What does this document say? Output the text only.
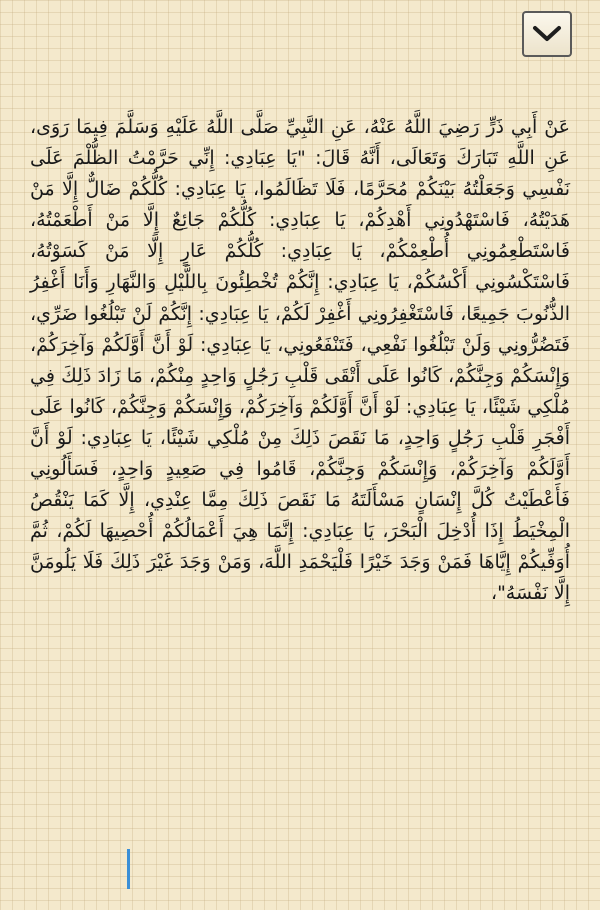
عَنْ أَبِي ذَرٍّ رَضِيَ اللَّهُ عَنْهُ، عَنِ النَّبِيِّ صَلَّى اللَّهُ عَلَيْهِ وَسَلَّمَ فِيمَا رَوَى، عَنِ اللَّهِ تَبَارَكَ وَتَعَالَى، أَنَّهُ قَالَ: "يَا عِبَادِي: إِنِّي حَرَّمْتُ الظُّلْمَ عَلَى نَفْسِي وَجَعَلْتُهُ بَيْنَكُمْ مُحَرَّمًا، فَلَا تَظَالَمُوا، يَا عِبَادِي: كُلُّكُمْ ضَالٌّ إِلَّا مَنْ هَدَيْتُهُ، فَاسْتَهْدُونِي أَهْدِكُمْ، يَا عِبَادِي: كُلُّكُمْ جَائِعٌ إِلَّا مَنْ أَطْعَمْتُهُ، فَاسْتَطْعِمُونِي أُطْعِمْكُمْ، يَا عِبَادِي: كُلُّكُمْ عَارٍ إِلَّا مَنْ كَسَوْتُهُ، فَاسْتَكْسُونِي أَكْسُكُمْ، يَا عِبَادِي: إِنَّكُمْ تُخْطِئُونَ بِاللَّيْلِ وَالنَّهَارِ وَأَنَا أَغْفِرُ الذُّنُوبَ جَمِيعًا، فَاسْتَغْفِرُونِي أَغْفِرْ لَكُمْ، يَا عِبَادِي: إِنَّكُمْ لَنْ تَبْلُغُوا ضَرِّي، فَتَضُرُّونِي وَلَنْ تَبْلُغُوا نَفْعِي، فَتَنْفَعُونِي، يَا عِبَادِي: لَوْ أَنَّ أَوَّلَكُمْ وَآخِرَكُمْ، وَإِنْسَكُمْ وَجِنَّكُمْ، كَانُوا عَلَى أَتْقَى قَلْبِ رَجُلٍ وَاحِدٍ مِنْكُمْ، مَا زَادَ ذَلِكَ فِي مُلْكِي شَيْئًا، يَا عِبَادِي: لَوْ أَنَّ أَوَّلَكُمْ وَآخِرَكُمْ، وَإِنْسَكُمْ وَجِنَّكُمْ، كَانُوا عَلَى أَفْجَرِ قَلْبِ رَجُلٍ وَاحِدٍ، مَا نَقَصَ ذَلِكَ مِنْ مُلْكِي شَيْئًا، يَا عِبَادِي: لَوْ أَنَّ أَوَّلَكُمْ وَآخِرَكُمْ، وَإِنْسَكُمْ وَجِنَّكُمْ، قَامُوا فِي صَعِيدٍ وَاحِدٍ، فَسَأَلُونِي فَأَعْطَيْتُ كُلَّ إِنْسَانٍ مَسْأَلَتَهُ مَا نَقَصَ ذَلِكَ مِمَّا عِنْدِي، إِلَّا كَمَا يَنْقُصُ الْمِخْيَطُ إِذَا أُدْخِلَ الْبَحْرَ، يَا عِبَادِي: إِنَّمَا هِيَ أَعْمَالُكُمْ أُحْصِيهَا لَكُمْ، ثُمَّ أُوَفِّيكُمْ إِيَّاهَا فَمَنْ وَجَدَ خَيْرًا فَلْيَحْمَدِ اللَّهَ، وَمَنْ وَجَدَ غَيْرَ ذَلِكَ فَلَا يَلُومَنَّ إِلَّا نَفْسَهُ"،
